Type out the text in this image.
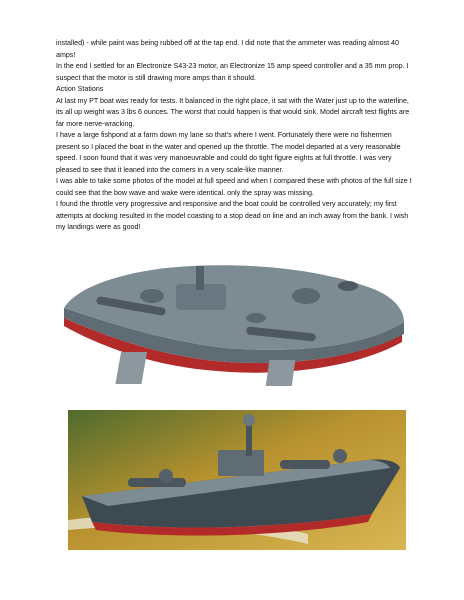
installed) - while paint was being rubbed off at the tap end. I did note that the ammeter was reading almost 40 amps!

In the end I settled for an Electronize S43-23 motor, an Electronize 15 amp speed controller and a 35 mm prop. I suspect that the motor is still drawing more amps than it should.

Action Stations

At last my PT boat was ready for tests. It balanced in the right place, it sat with the Water just up to the waterline, its all up weight was 3 lbs 6 ounces. The worst that could happen is that would sink. Model aircraft test flights are far more nerve-wracking.

I have a large fishpond at a farm down my lane so that's where I went. Fortunately there were no fishermen present so I placed the boat in the water and opened up the throttle. The model departed at a very reasonable speed. I soon found that it was very manoeuvrable and could do tight figure eights at full throttle. I was very pleased to see that it leaned into the corners in a very scale-like manner.

I was able to take some photos of the model at full speed and when I compared these with photos of the full size I could see that the bow wave and wake were identical. only the spray was missing.

I found the throttle very progressive and responsive and the boat could be controlled very accurately; my first attempts at docking resulted in the model coasting to a stop dead on line and an inch away from the bank. I wish my landings were as good!
